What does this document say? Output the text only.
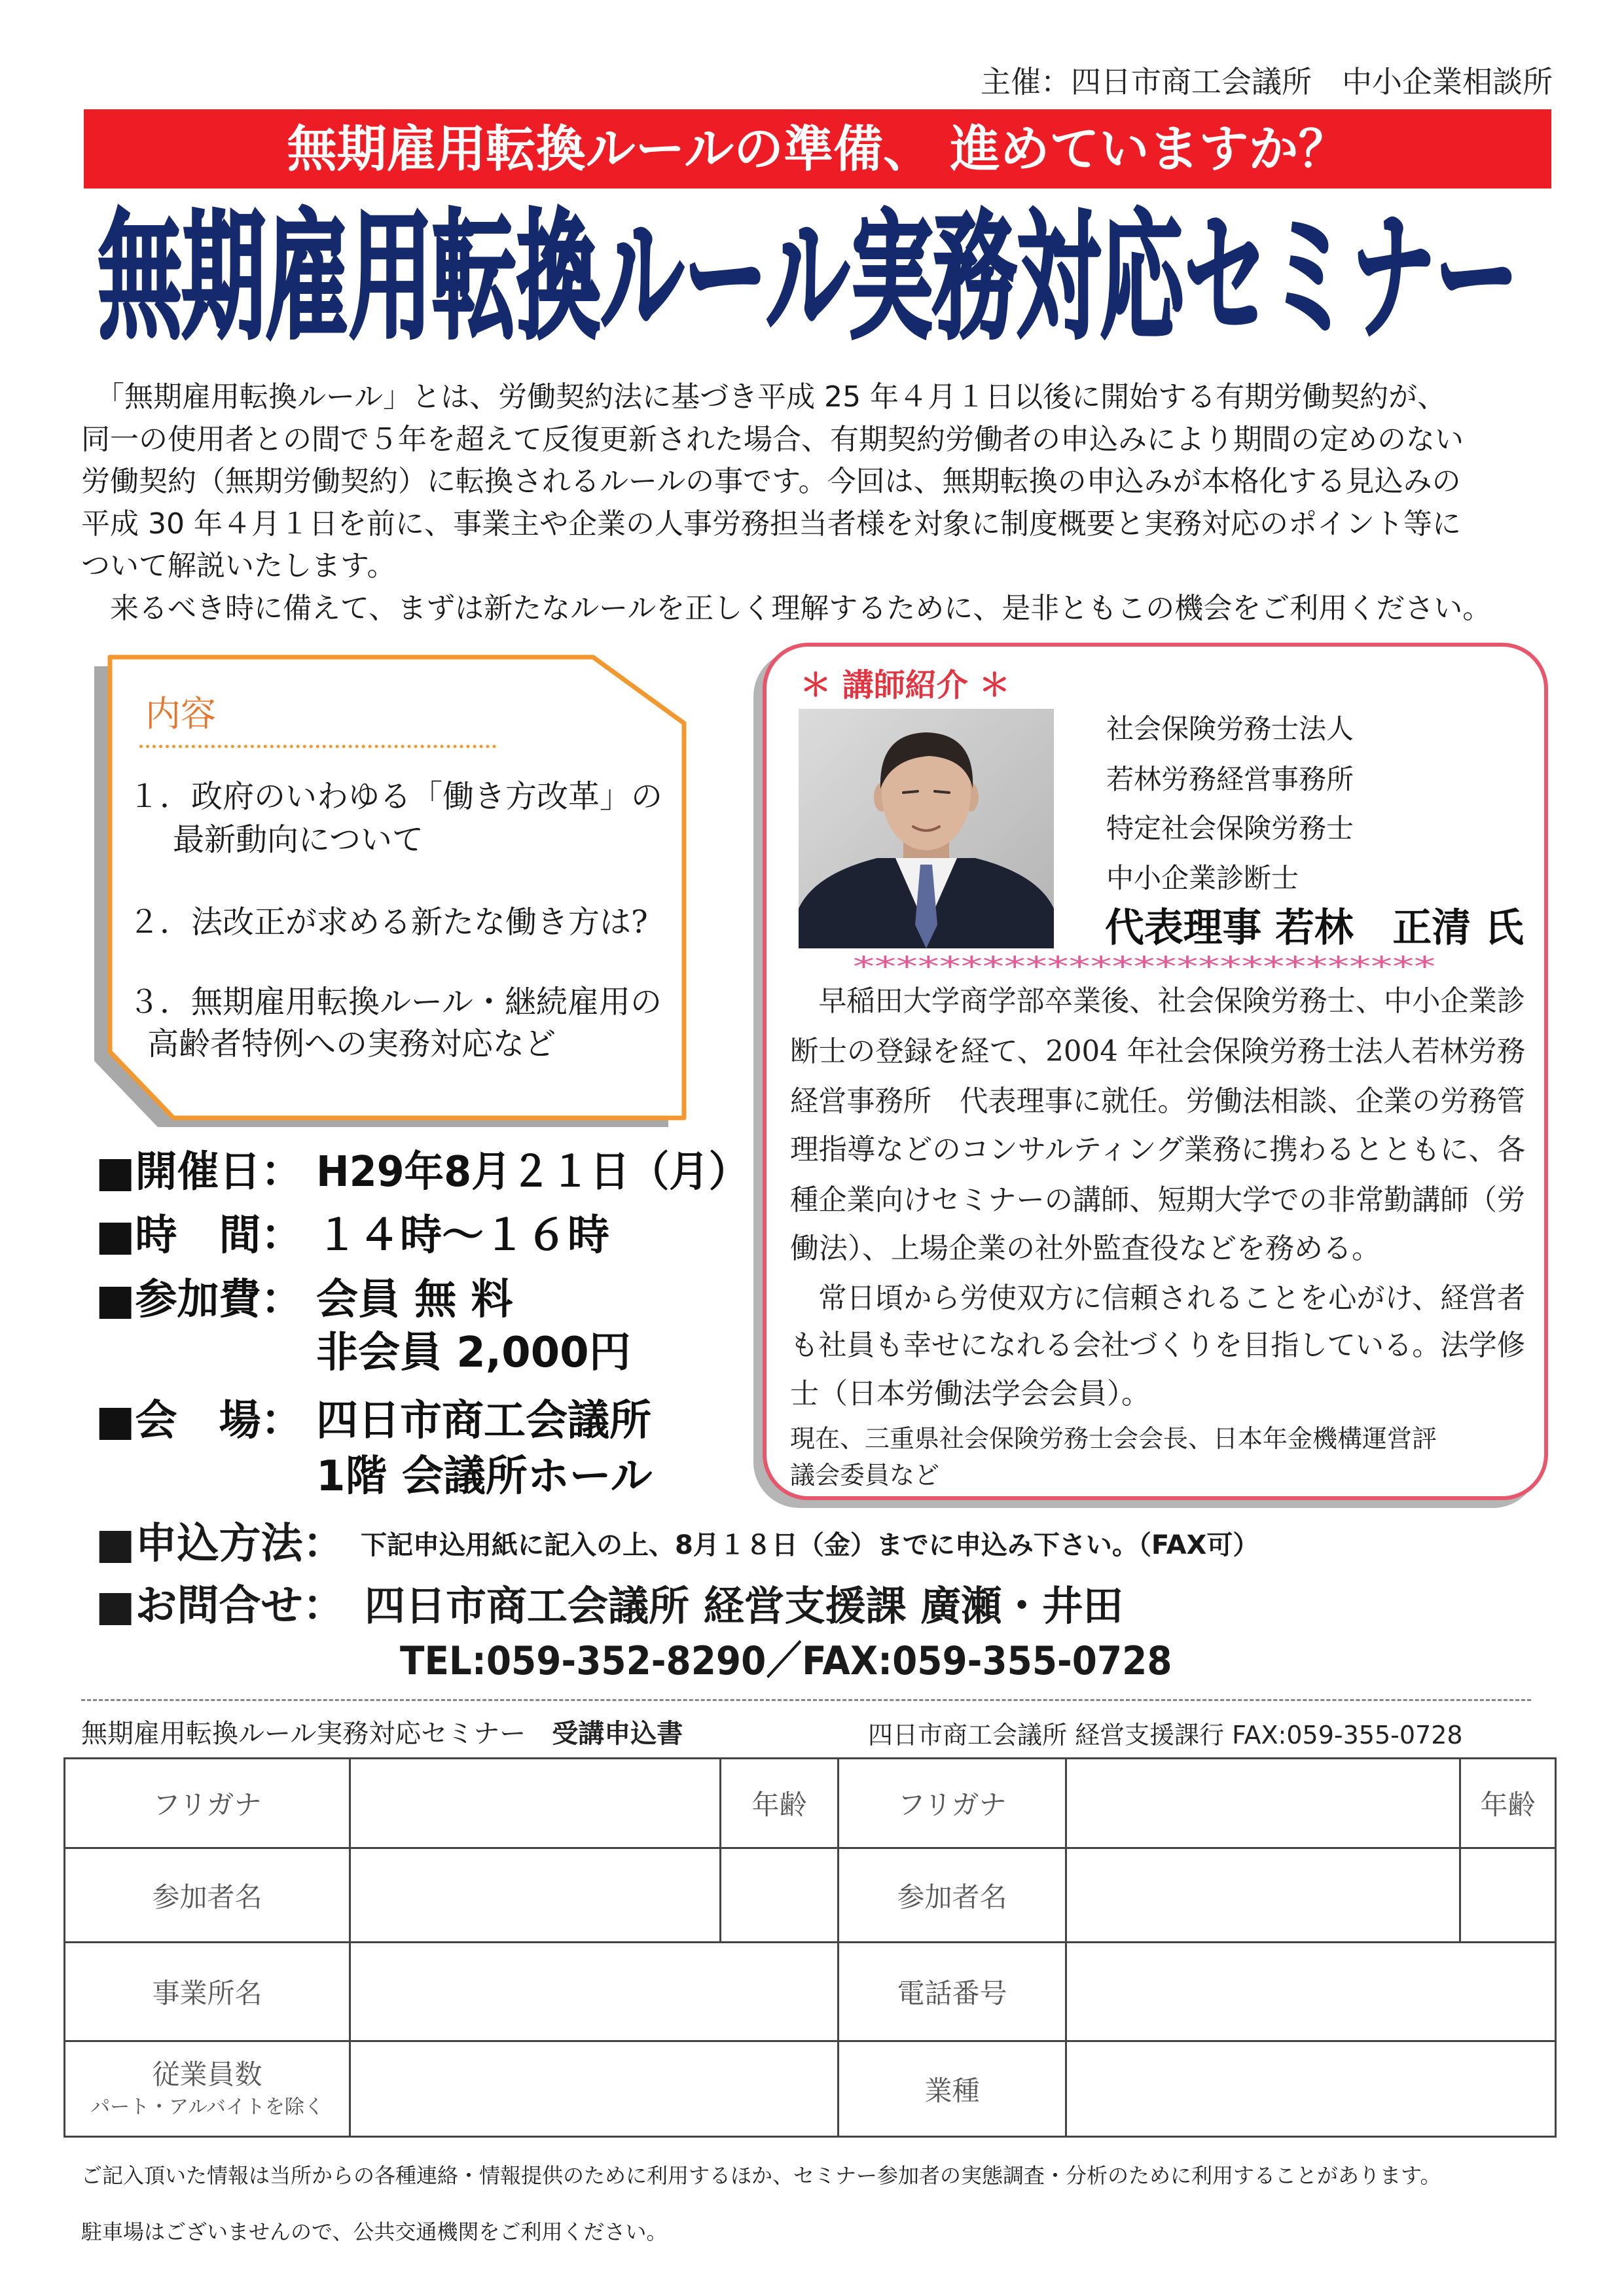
主催：四日市商工会議所　中小企業相談所
無期雇用転換ルールの準備、 進めていますか？
無期雇用転換ルール実務対応セミナー
　「無期雇用転換ルール」とは、労働契約法に基づき平成 25 年４月１日以後に開始する有期労働契約が、
同一の使用者との間で５年を超えて反復更新された場合、有期契約労働者の申込みにより期間の定めのない
労働契約（無期労働契約）に転換されるルールの事です。今回は、無期転換の申込みが本格化する見込みの
平成 30 年４月１日を前に、事業主や企業の人事労務担当者様を対象に制度概要と実務対応のポイント等に
ついて解説いたします。
　来るべき時に備えて、まずは新たなルールを正しく理解するために、是非ともこの機会をご利用ください。
内容
１．政府のいわゆる「働き方改革」の
最新動向について
２．法改正が求める新たな働き方は?
３．無期雇用転換ルール・継続雇用の
高齢者特例への実務対応など
＊ 講師紹介 ＊
社会保険労務士法人
若林労務経営事務所
特定社会保険労務士
中小企業診断士
代表理事 若林　正清 氏
***************************
　早稲田大学商学部卒業後、社会保険労務士、中小企業診
断士の登録を経て、2004 年社会保険労務士法人若林労務
経営事務所　代表理事に就任。労働法相談、企業の労務管
理指導などのコンサルティング業務に携わるとともに、各
種企業向けセミナーの講師、短期大学での非常勤講師（労
働法）、上場企業の社外監査役などを務める。
　常日頃から労使双方に信頼されることを心がけ、経営者
も社員も幸せになれる会社づくりを目指している。法学修
士（日本労働法学会会員）。
現在、三重県社会保険労務士会会長、日本年金機構運営評
議会委員など
■開催日： H29年8月２１日（月）
■時　間： １４時～１６時
■参加費： 会員 無 料
非会員 2,000円
■会　場： 四日市商工会議所
1階 会議所ホール
■申込方法： 下記申込用紙に記入の上、8月１８日（金）までに申込み下さい。（FAX可）
■お問合せ： 四日市商工会議所 経営支援課 廣瀬・井田
TEL:059-352-8290／FAX:059-355-0728
無期雇用転換ルール実務対応セミナー 受講申込書	四日市商工会議所 経営支援課行 FAX:059-355-0728
フリガナ		年齢	フリガナ		年齢
参加者名			参加者名		
事業所名			電話番号		

従業員数
パート・アルバイトを除く			業種		
ご記入頂いた情報は当所からの各種連絡・情報提供のために利用するほか、セミナー参加者の実態調査・分析のために利用することがあります。
駐車場はございませんので、公共交通機関をご利用ください。
